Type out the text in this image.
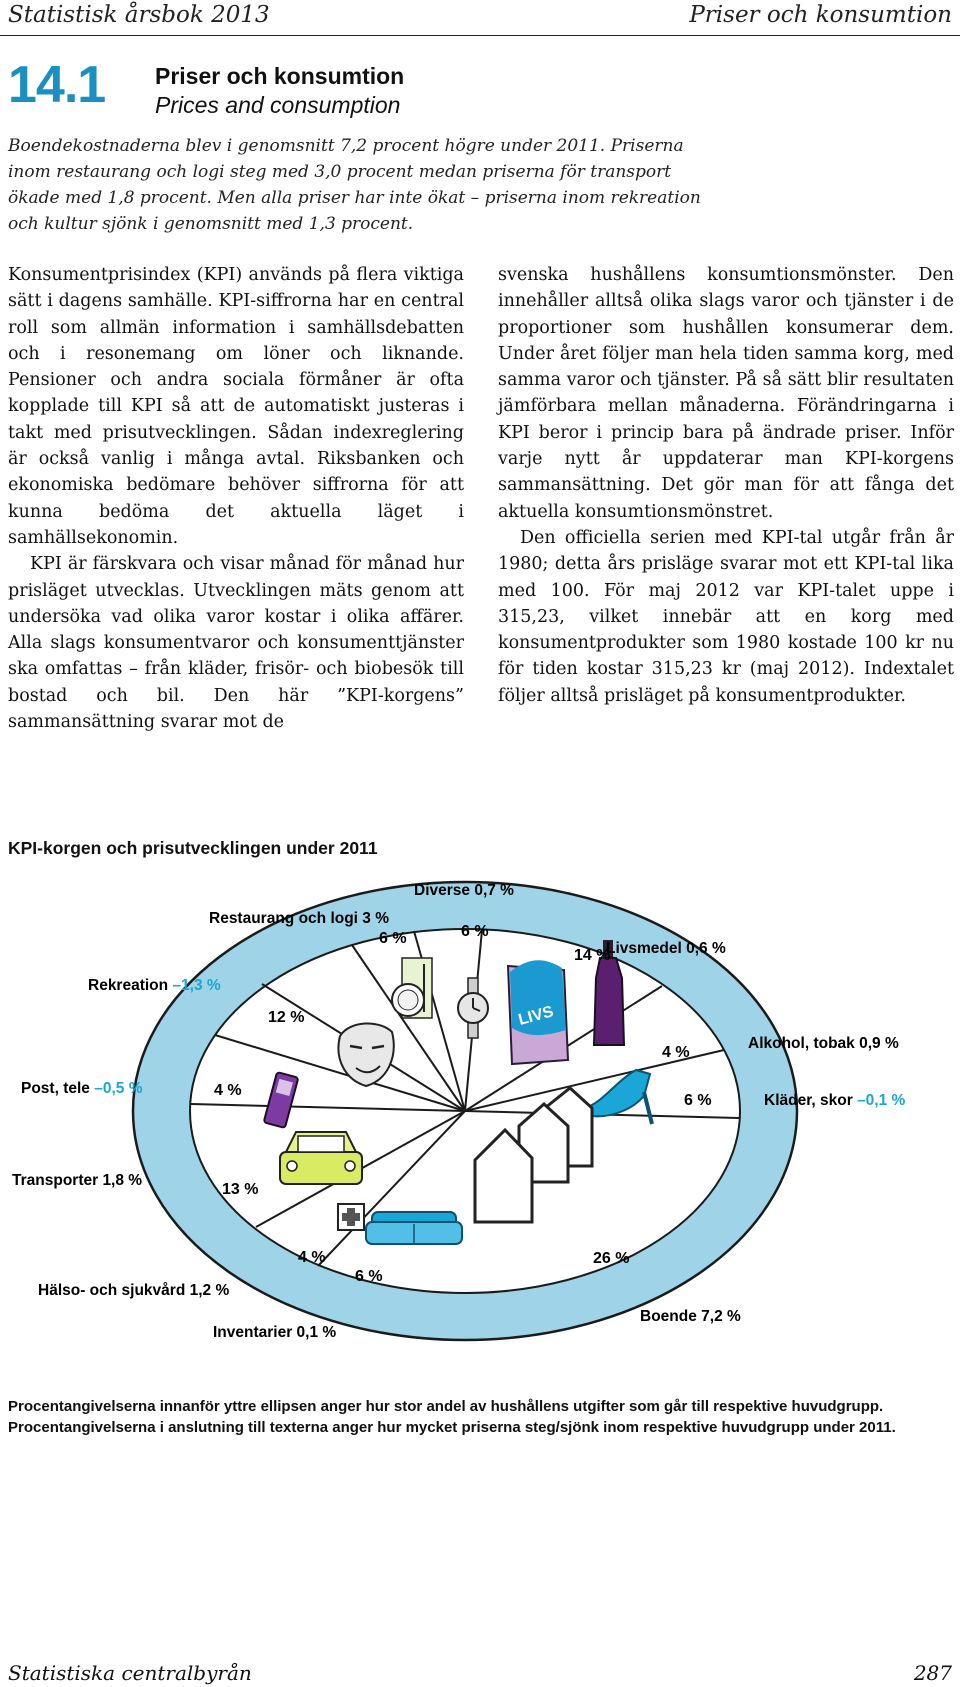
Statistisk årsbok 2013	Priser och konsumtion
14.1 Priser och konsumtion
Prices and consumption
Boendekostnaderna blev i genomsnitt 7,2 procent högre under 2011. Priserna inom restaurang och logi steg med 3,0 procent medan priserna för transport ökade med 1,8 procent. Men alla priser har inte ökat – priserna inom rekreation och kultur sjönk i genomsnitt med 1,3 procent.

Konsumentprisindex (KPI) används på flera viktiga sätt i dagens samhälle. KPI-siffrorna har en central roll som allmän information i samhällsdebatten och i resonemang om löner och liknande. Pensioner och andra sociala förmåner är ofta kopplade till KPI så att de automatiskt justeras i takt med prisutvecklingen. Sådan indexreglering är också vanlig i många avtal. Riksbanken och ekonomiska bedömare behöver siffrorna för att kunna bedöma det aktuella läget i samhällsekonomin.

KPI är färskvara och visar månad för månad hur prisläget utvecklas. Utvecklingen mäts genom att undersöka vad olika varor kostar i olika affärer. Alla slags konsumentvaror och konsumenttjänster ska omfattas – från kläder, frisör- och biobesök till bostad och bil. Den här ”KPI-korgens” sammansättning svarar mot de

svenska hushållens konsumtionsmönster. Den innehåller alltså olika slags varor och tjänster i de proportioner som hushållen konsumerar dem. Under året följer man hela tiden samma korg, med samma varor och tjänster. På så sätt blir resultaten jämförbara mellan månaderna. Förändringarna i KPI beror i princip bara på ändrade priser. Inför varje nytt år uppdaterar man KPI-korgens sammansättning. Det gör man för att fånga det aktuella konsumtionsmönstret.

Den officiella serien med KPI-tal utgår från år 1980; detta års prisläge svarar mot ett KPI-tal lika med 100. För maj 2012 var KPI-talet uppe i 315,23, vilket innebär att en korg med konsumentprodukter som 1980 kostade 100 kr nu för tiden kostar 315,23 kr (maj 2012). Indextalet följer alltså prisläget på konsumentprodukter.

KPI-korgen och prisutvecklingen under 2011
LIVS
6 %	6 %
14 %
12 %
4 %
4 %
6 %
13 %
4 %
6 %
26 %
Diverse 0,7 %
Restaurang och logi 3 %
Livsmedel 0,6 %
Rekreation –1,3 %
Alkohol, tobak 0,9 %
Post, tele –0,5 %
Kläder, skor –0,1 %
Transporter 1,8 %
Hälso- och sjukvård 1,2 %
Boende 7,2 %
Inventarier 0,1 %
Procentangivelserna innanför yttre ellipsen anger hur stor andel av hushållens utgifter som går till respektive huvudgrupp. Procentangivelserna i anslutning till texterna anger hur mycket priserna steg/sjönk inom respektive huvudgrupp under 2011.
Statistiska centralbyrån	287
